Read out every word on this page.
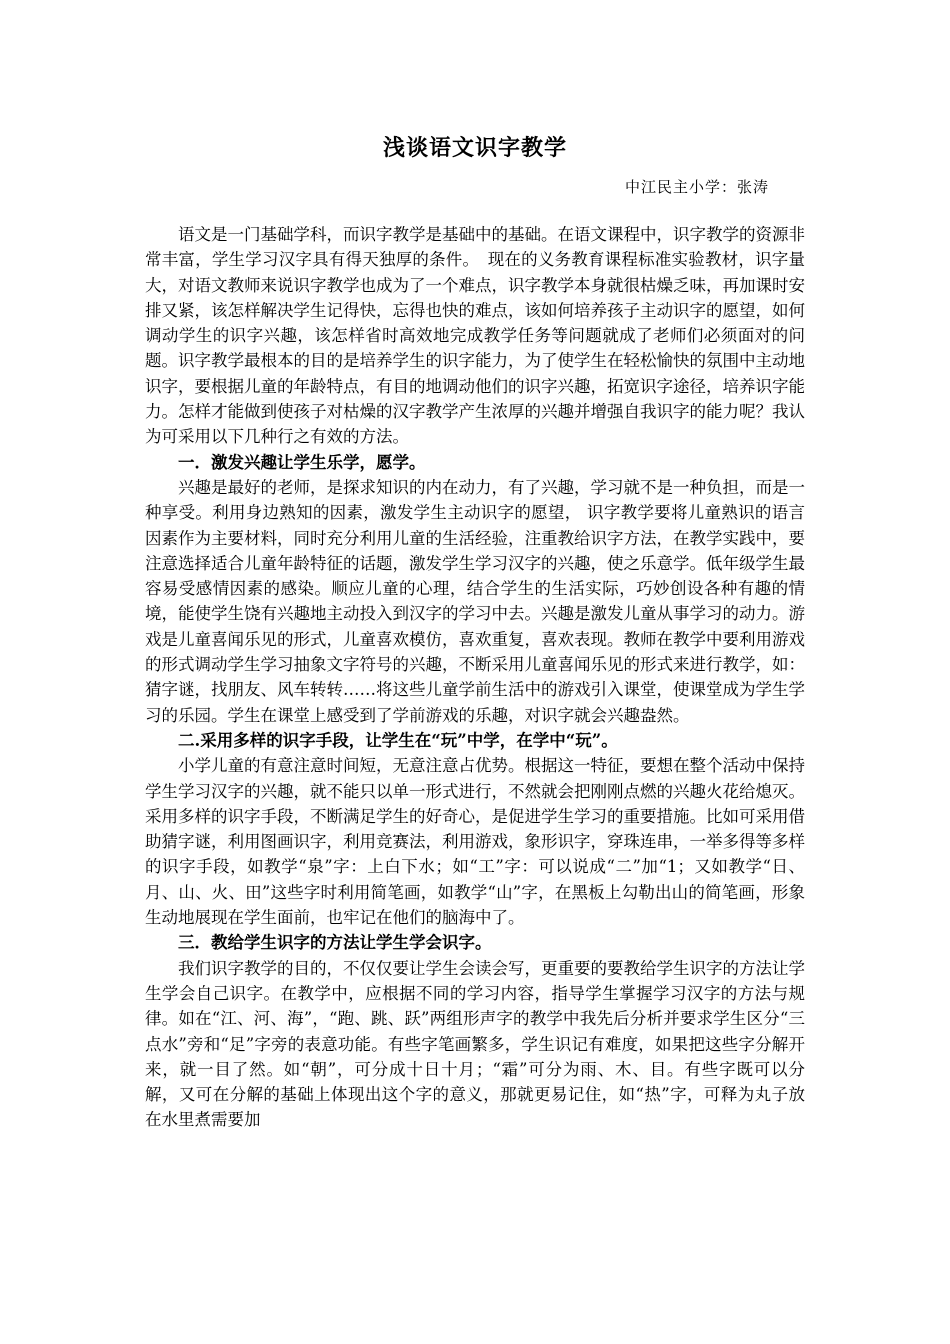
浅谈语文识字教学

中江民主小学：张涛

语文是一门基础学科，而识字教学是基础中的基础。在语文课程中，识字教学的资源非常丰富，学生学习汉字具有得天独厚的条件。　现在的义务教育课程标准实验教材，识字量大，对语文教师来说识字教学也成为了一个难点，识字教学本身就很枯燥乏味，再加课时安排又紧，该怎样解决学生记得快，忘得也快的难点，该如何培养孩子主动识字的愿望，如何调动学生的识字兴趣，该怎样省时高效地完成教学任务等问题就成了老师们必须面对的问题。识字教学最根本的目的是培养学生的识字能力，为了使学生在轻松愉快的氛围中主动地识字，要根据儿童的年龄特点，有目的地调动他们的识字兴趣，拓宽识字途径，培养识字能力。怎样才能做到使孩子对枯燥的汉字教学产生浓厚的兴趣并增强自我识字的能力呢？我认为可采用以下几种行之有效的方法。

一．激发兴趣让学生乐学，愿学。

兴趣是最好的老师，是探求知识的内在动力，有了兴趣，学习就不是一种负担，而是一种享受。利用身边熟知的因素，激发学生主动识字的愿望， 识字教学要将儿童熟识的语言因素作为主要材料，同时充分利用儿童的生活经验，注重教给识字方法，在教学实践中，要注意选择适合儿童年龄特征的话题，激发学生学习汉字的兴趣，使之乐意学。低年级学生最容易受感情因素的感染。顺应儿童的心理，结合学生的生活实际，巧妙创设各种有趣的情境，能使学生饶有兴趣地主动投入到汉字的学习中去。兴趣是激发儿童从事学习的动力。游戏是儿童喜闻乐见的形式，儿童喜欢模仿，喜欢重复，喜欢表现。教师在教学中要利用游戏的形式调动学生学习抽象文字符号的兴趣，不断采用儿童喜闻乐见的形式来进行教学，如：猜字谜，找朋友、风车转转……将这些儿童学前生活中的游戏引入课堂，使课堂成为学生学习的乐园。学生在课堂上感受到了学前游戏的乐趣，对识字就会兴趣盎然。

二.采用多样的识字手段，让学生在“玩”中学，在学中“玩”。

小学儿童的有意注意时间短，无意注意占优势。根据这一特征，要想在整个活动中保持学生学习汉字的兴趣，就不能只以单一形式进行，不然就会把刚刚点燃的兴趣火花给熄灭。采用多样的识字手段，不断满足学生的好奇心，是促进学生学习的重要措施。比如可采用借助猜字谜，利用图画识字，利用竞赛法，利用游戏，象形识字，穿珠连串，一举多得等多样的识字手段，如教学“泉”字：上白下水；如“工”字：可以说成“二”加“1；又如教学“日、月、山、火、田”这些字时利用简笔画，如教学“山”字，在黑板上勾勒出山的简笔画，形象生动地展现在学生面前，也牢记在他们的脑海中了。

三．教给学生识字的方法让学生学会识字。

我们识字教学的目的，不仅仅要让学生会读会写，更重要的要教给学生识字的方法让学生学会自己识字。在教学中，应根据不同的学习内容，指导学生掌握学习汉字的方法与规律。如在“江、河、海”，“跑、跳、跃”两组形声字的教学中我先后分析并要求学生区分“三点水”旁和“足”字旁的表意功能。有些字笔画繁多，学生识记有难度，如果把这些字分解开来，就一目了然。如“朝”，可分成十日十月；“霜”可分为雨、木、目。有些字既可以分解，又可在分解的基础上体现出这个字的意义，那就更易记住，如“热”字，可释为丸子放在水里煮需要加
